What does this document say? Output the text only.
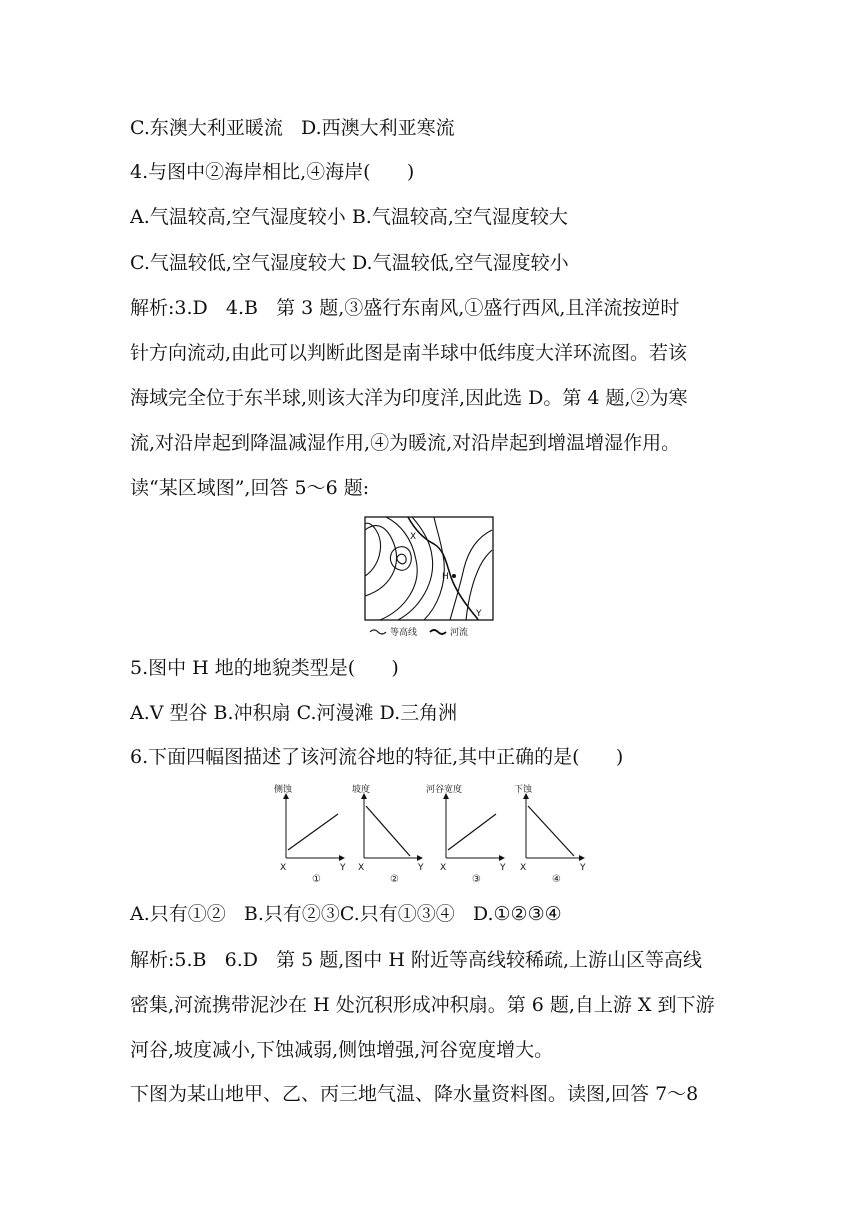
C.东澳大利亚暖流   D.西澳大利亚寒流
4.与图中②海岸相比,④海岸(      )
A.气温较高,空气湿度较小 B.气温较高,空气湿度较大
C.气温较低,空气湿度较大 D.气温较低,空气湿度较小
解析:3.D   4.B   第 3 题,③盛行东南风,①盛行西风,且洋流按逆时
针方向流动,由此可以判断此图是南半球中低纬度大洋环流图。若该
海域完全位于东半球,则该大洋为印度洋,因此选 D。第 4 题,②为寒
流,对沿岸起到降温减湿作用,④为暖流,对沿岸起到增温增湿作用。
读“某区域图”,回答 5～6 题:
X
H
Y
等高线	河流
5.图中 H 地的地貌类型是(      )
A.V 型谷 B.冲积扇 C.河漫滩 D.三角洲
6.下面四幅图描述了该河流谷地的特征,其中正确的是(      )
侧蚀
X	Y
①
坡度
X	Y
②
河谷宽度
X	Y
③
下蚀
X	Y
④
A.只有①②   B.只有②③C.只有①③④   D.①②③④
解析:5.B   6.D   第 5 题,图中 H 附近等高线较稀疏,上游山区等高线
密集,河流携带泥沙在 H 处沉积形成冲积扇。第 6 题,自上游 X 到下游
河谷,坡度减小,下蚀减弱,侧蚀增强,河谷宽度增大。
下图为某山地甲、乙、丙三地气温、降水量资料图。读图,回答 7～8
